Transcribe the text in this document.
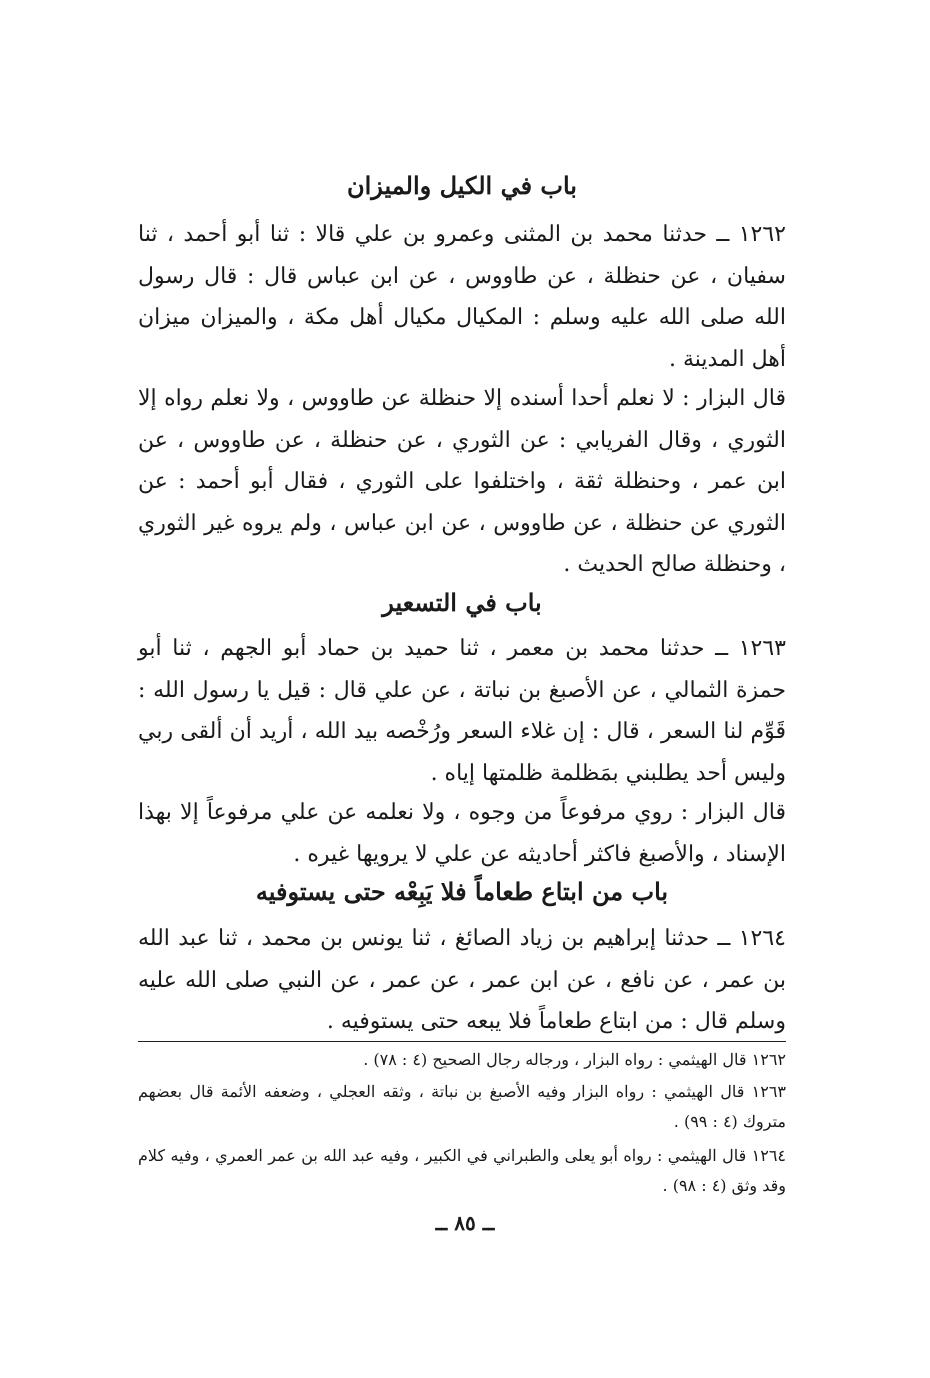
باب في الكيل والميزان
١٢٦٢ ــ حدثنا محمد بن المثنى وعمرو بن علي قالا : ثنا أبو أحمد ، ثنا سفيان ، عن حنظلة ، عن طاووس ، عن ابن عباس قال : قال رسول الله صلى الله عليه وسلم : المكيال مكيال أهل مكة ، والميزان ميزان أهل المدينة .
قال البزار : لا نعلم أحدا أسنده إلا حنظلة عن طاووس ، ولا نعلم رواه إلا الثوري ، وقال الفريابي : عن الثوري ، عن حنظلة ، عن طاووس ، عن ابن عمر ، وحنظلة ثقة ، واختلفوا على الثوري ، فقال أبو أحمد : عن الثوري عن حنظلة ، عن طاووس ، عن ابن عباس ، ولم يروه غير الثوري ، وحنظلة صالح الحديث .
باب في التسعير
١٢٦٣ ــ حدثنا محمد بن معمر ، ثنا حميد بن حماد أبو الجهم ، ثنا أبو حمزة الثمالي ، عن الأصبغ بن نباتة ، عن علي قال : قيل يا رسول الله : قَوِّم لنا السعر ، قال : إن غلاء السعر ورُخْصه بيد الله ، أريد أن ألقى ربي وليس أحد يطلبني بمَظلمة ظلمتها إياه .
قال البزار : روي مرفوعاً من وجوه ، ولا نعلمه عن علي مرفوعاً إلا بهذا الإسناد ، والأصبغ فاكثر أحاديثه عن علي لا يرويها غيره .
باب من ابتاع طعاماً فلا يَبِعْه حتى يستوفيه
١٢٦٤ ــ حدثنا إبراهيم بن زياد الصائغ ، ثنا يونس بن محمد ، ثنا عبد الله بن عمر ، عن نافع ، عن ابن عمر ، عن عمر ، عن النبي صلى الله عليه وسلم قال : من ابتاع طعاماً فلا يبعه حتى يستوفيه .
١٢٦٢ قال الهيثمي : رواه البزار ، ورجاله رجال الصحيح (٤ : ٧٨) .
١٢٦٣ قال الهيثمي : رواه البزار وفيه الأصبغ بن نباتة ، وثقه العجلي ، وضعفه الأئمة قال بعضهم متروك (٤ : ٩٩) .
١٢٦٤ قال الهيثمي : رواه أبو يعلى والطبراني في الكبير ، وفيه عبد الله بن عمر العمري ، وفيه كلام وقد وثق (٤ : ٩٨) .
ــ ٨٥ ــ
